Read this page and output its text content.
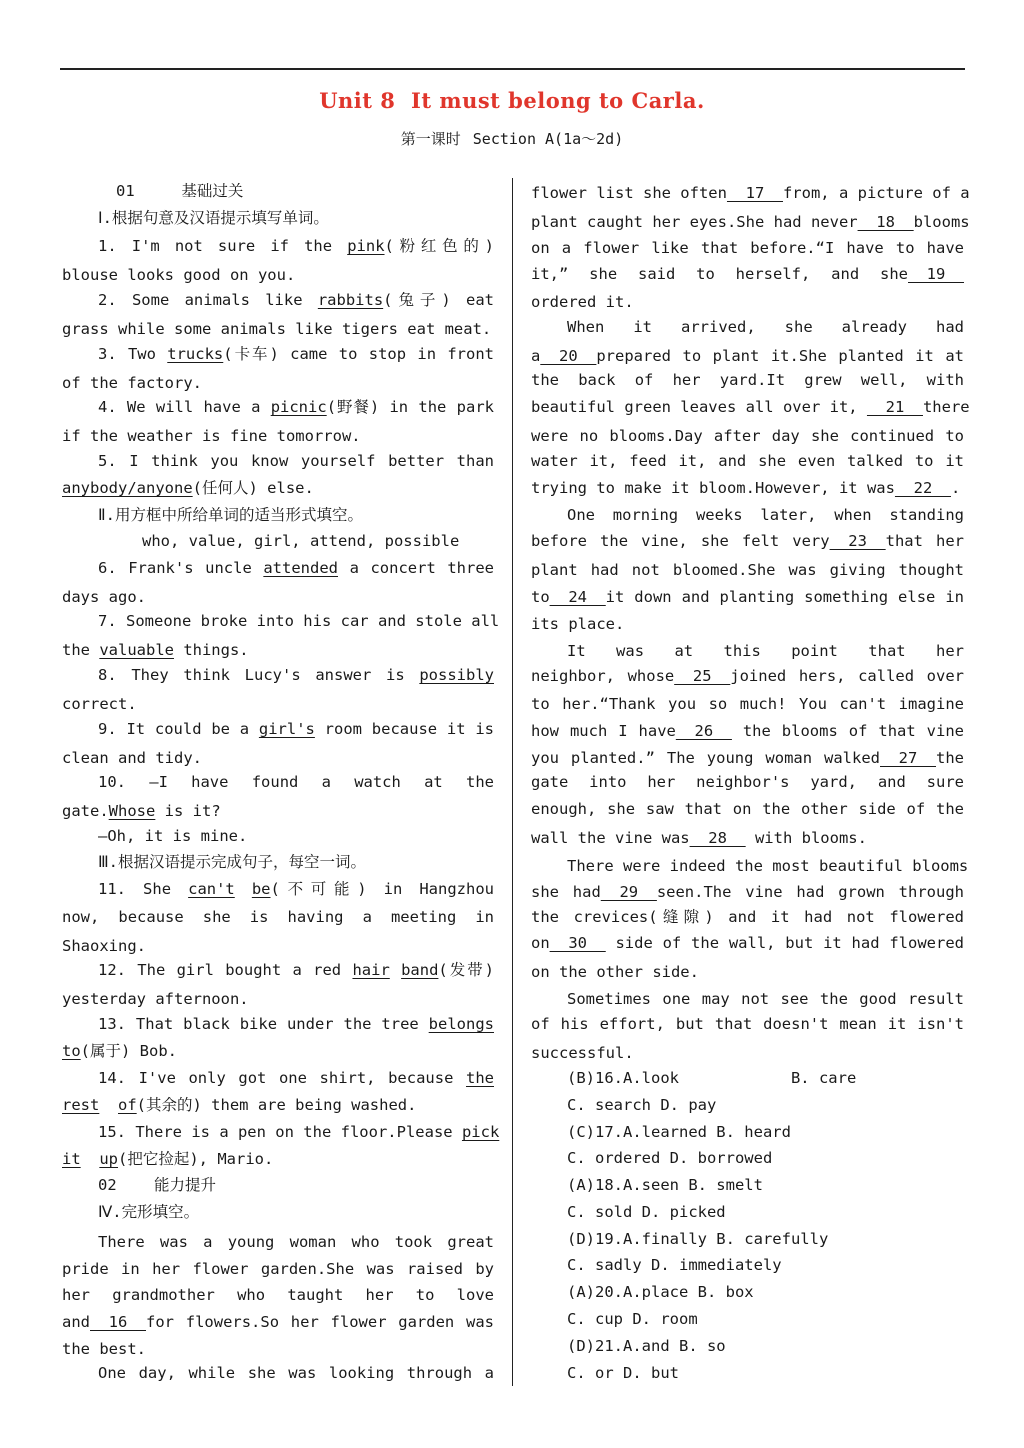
Unit 8  It must belong to Carla.
第一课时 Section A(1a～2d)
01	基础过关
Ⅰ.根据句意及汉语提示填写单词。
1. I'm not sure if the pink(粉红色的)
blouse looks good on you.
2. Some animals like rabbits(兔子) eat
grass while some animals like tigers eat meat.
3. Two trucks(卡车) came to stop in front
of the factory.
4. We will have a picnic(野餐) in the park
if the weather is fine tomorrow.
5. I think you know yourself better than
anybody/anyone(任何人) else.
Ⅱ.用方框中所给单词的适当形式填空。
who, value, girl, attend, possible
6. Frank's uncle attended a concert three
days ago.
7. Someone broke into his car and stole all
the valuable things.
8. They think Lucy's answer is possibly
correct.
9. It could be a girl's room because it is
clean and tidy.
10. —I have found a watch at the
gate.Whose is it?
—Oh, it is mine.
Ⅲ.根据汉语提示完成句子，每空一词。
11. She can't be(不可能) in Hangzhou
now, because she is having a meeting in
Shaoxing.
12. The girl bought a red hair band(发带)
yesterday afternoon.
13. That black bike under the tree belongs
to(属于) Bob.
14. I've only got one shirt, because the
rest of(其余的) them are being washed.
15. There is a pen on the floor.Please pick
it up(把它捡起), Mario.
02 能力提升
Ⅳ.完形填空。
There was a young woman who took great
pride in her flower garden.She was raised by
her grandmother who taught her to love
and__16__for flowers.So her flower garden was
the best.
One day, while she was looking through a
flower list she often__17__from, a picture of a
plant caught her eyes.She had never__18__blooms
on a flower like that before.“I have to have
it,” she said to herself, and she__19__
ordered it.
When it arrived, she already had
a__20__prepared to plant it.She planted it at
the back of her yard.It grew well, with
beautiful green leaves all over it, __21__there
were no blooms.Day after day she continued to
water it, feed it, and she even talked to it
trying to make it bloom.However, it was__22__.
One morning weeks later, when standing
before the vine, she felt very__23__that her
plant had not bloomed.She was giving thought
to__24__it down and planting something else in
its place.
It was at this point that her
neighbor, whose__25__joined hers, called over
to her.“Thank you so much! You can't imagine
how much I have__26__ the blooms of that vine
you planted.” The young woman walked__27__the
gate into her neighbor's yard, and sure
enough, she saw that on the other side of the
wall the vine was__28__ with blooms.
There were indeed the most beautiful blooms
she had__29__seen.The vine had grown through
the crevices(缝隙) and it had not flowered
on__30__ side of the wall, but it had flowered
on the other side.
Sometimes one may not see the good result
of his effort, but that doesn't mean it isn't
successful.
(B)16.A.look	B. care
C. search D. pay
(C)17.A.learned B. heard
C. ordered D. borrowed
(A)18.A.seen B. smelt
C. sold D. picked
(D)19.A.finally B. carefully
C. sadly D. immediately
(A)20.A.place B. box
C. cup D. room
(D)21.A.and B. so
C. or D. but
